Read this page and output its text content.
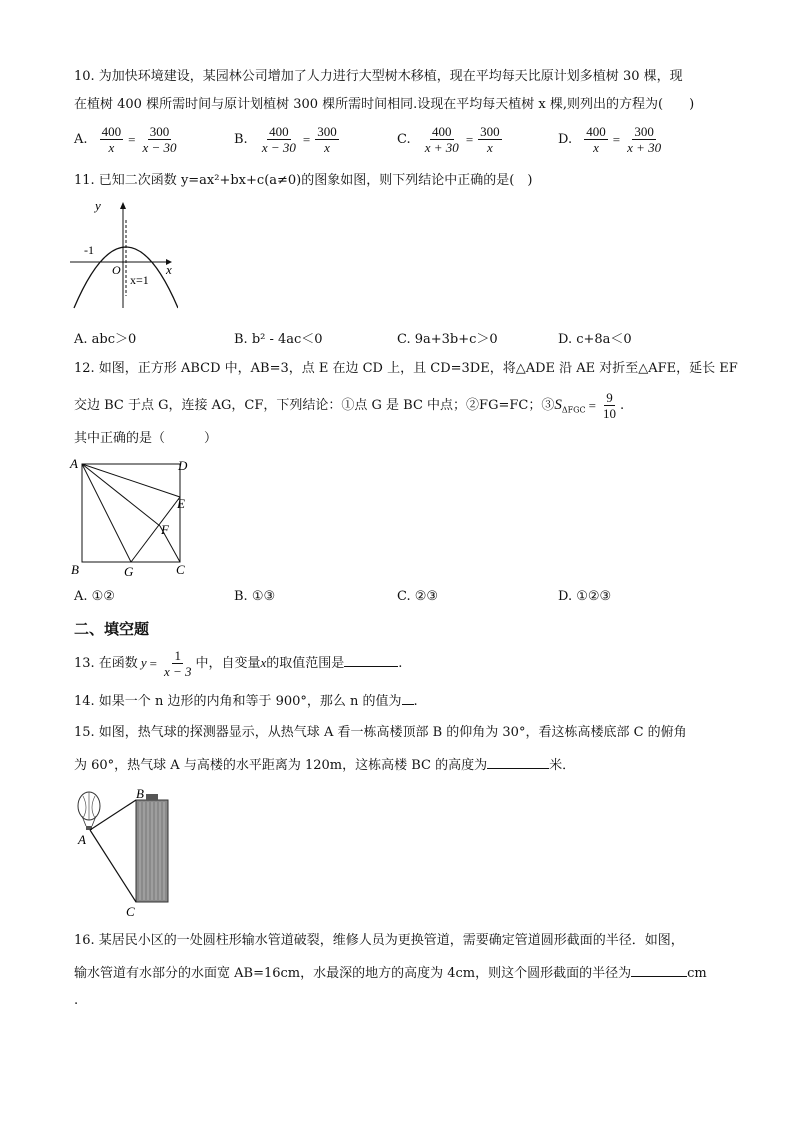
10. 为加快环境建设，某园林公司增加了人力进行大型树木移植，现在平均每天比原计划多植树 30 棵，现
在植树 400 棵所需时间与原计划植树 300 棵所需时间相同.设现在平均每天植树 x 棵,则列出的方程为(　　)
A. $\frac{400}{x} = \frac{300}{x - 30}$	B. $\frac{400}{x - 30} = \frac{300}{x}$	C. $\frac{400}{x + 30} = \frac{300}{x}$	D. $\frac{400}{x} = \frac{300}{x + 30}$
11. 已知二次函数 y=ax²+bx+c(a≠0)的图象如图，则下列结论中正确的是(　)
y
x
O
-1
x=1
A. abc＞0	B. b² - 4ac＜0	C. 9a+3b+c＞0	D. c+8a＜0
12. 如图，正方形 ABCD 中，AB=3，点 E 在边 CD 上，且 CD=3DE，将△ADE 沿 AE 对折至△AFE，延长 EF
交边 BC 于点 G，连接 AG，CF，下列结论：①点 G 是 BC 中点；②FG=FC；$③S_{\Delta FGC} = \frac{9}{10}$ .
其中正确的是（　　　）
A	D
E
F
B	G	C
A. ①②	B. ①③	C. ②③	D. ①②③
二、填空题
13. 在函数 $y = \frac{1}{x - 3}$ 中，自变量x的取值范围是	.
14. 如果一个 n 边形的内角和等于 900°，那么 n 的值为 .
15. 如图，热气球的探测器显示，从热气球 A 看一栋高楼顶部 B 的仰角为 30°，看这栋高楼底部 C 的俯角
为 60°，热气球 A 与高楼的水平距离为 120m，这栋高楼 BC 的高度为	米．
A
B
C
16. 某居民小区的一处圆柱形输水管道破裂，维修人员为更换管道，需要确定管道圆形截面的半径．如图，
输水管道有水部分的水面宽 AB=16cm，水最深的地方的高度为 4cm，则这个圆形截面的半径为	cm
.
